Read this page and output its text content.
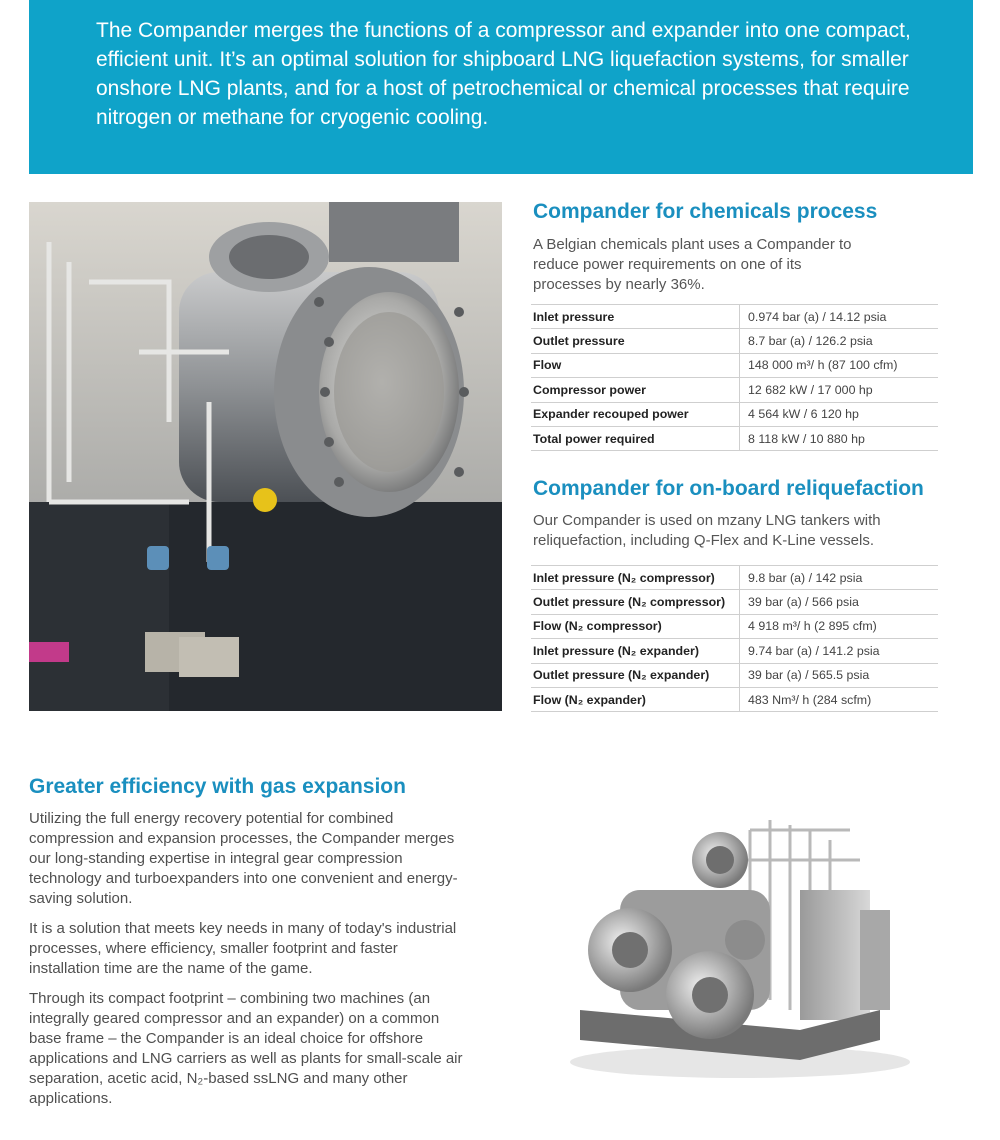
The Compander merges the functions of a compressor and expander into one compact, efficient unit. It’s an optimal solution for shipboard LNG liquefaction systems, for smaller onshore LNG plants, and for a host of petrochemical or chemical processes that require nitrogen or methane for cryogenic cooling.

Compander for chemicals process

A Belgian chemicals plant uses a Compander to reduce power requirements on one of its processes by nearly 36%.

Inlet pressure	0.974 bar (a) / 14.12 psia
Outlet pressure	8.7 bar (a) / 126.2 psia
Flow	148 000 m³/ h (87 100 cfm)
Compressor power	12 682 kW / 17 000 hp
Expander recouped power	4 564 kW / 6 120 hp
Total power required	8 118 kW / 10 880 hp
Compander for on-board reliquefaction

Our Compander is used on mzany LNG tankers with reliquefaction, including Q-Flex and K-Line vessels.

Inlet pressure (N₂ compressor)	9.8 bar (a) / 142 psia
Outlet pressure (N₂ compressor)	39 bar (a) / 566 psia
Flow (N₂ compressor)	4 918 m³/ h (2 895 cfm)
Inlet pressure (N₂ expander)	9.74 bar (a) / 141.2 psia
Outlet pressure (N₂ expander)	39 bar (a) / 565.5 psia
Flow (N₂ expander)	483 Nm³/ h (284 scfm)
Greater efficiency with gas expansion

Utilizing the full energy recovery potential for combined compression and expansion processes, the Compander merges our long-standing expertise in integral gear compression technology and turboexpanders into one convenient and energy-saving solution.

It is a solution that meets key needs in many of today's industrial processes, where efficiency, smaller footprint and faster installation time are the name of the game.

Through its compact footprint – combining two machines (an integrally geared compressor and an expander) on a common base frame – the Compander is an ideal choice for offshore applications and LNG carriers as well as plants for small-scale air separation, acetic acid, N₂-based ssLNG and many other applications.
